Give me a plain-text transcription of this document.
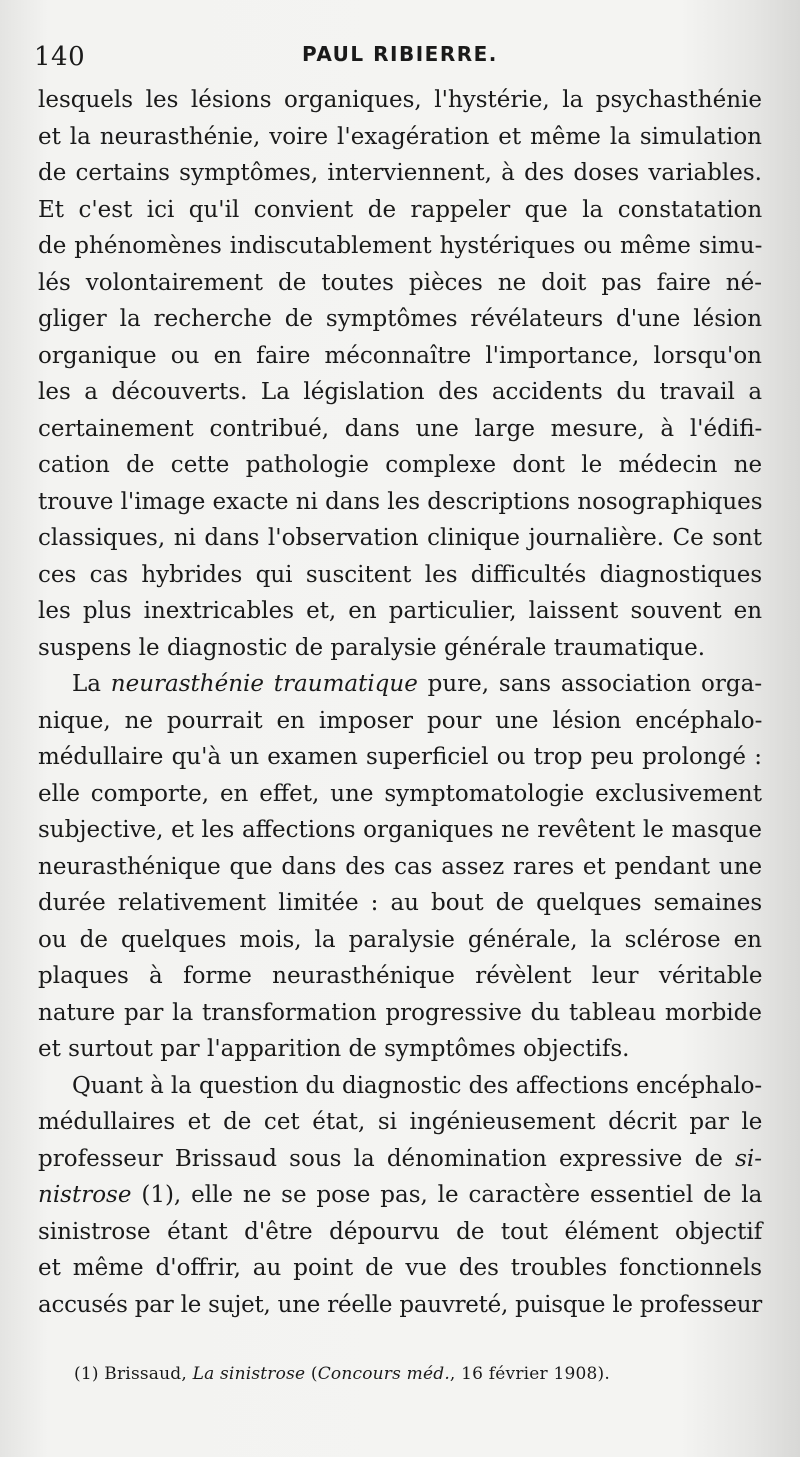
140	PAUL RIBIERRE.
lesquels les lésions organiques, l'hystérie, la psychasthénie
et la neurasthénie, voire l'exagération et même la simulation
de certains symptômes, interviennent, à des doses variables.
Et c'est ici qu'il convient de rappeler que la constatation
de phénomènes indiscutablement hystériques ou même simu-
lés volontairement de toutes pièces ne doit pas faire né-
gliger la recherche de symptômes révélateurs d'une lésion
organique ou en faire méconnaître l'importance, lorsqu'on
les a découverts. La législation des accidents du travail a
certainement contribué, dans une large mesure, à l'édifi-
cation de cette pathologie complexe dont le médecin ne
trouve l'image exacte ni dans les descriptions nosographiques
classiques, ni dans l'observation clinique journalière. Ce sont
ces cas hybrides qui suscitent les difficultés diagnostiques
les plus inextricables et, en particulier, laissent souvent en
suspens le diagnostic de paralysie générale traumatique.
La neurasthénie traumatique pure, sans association orga-
nique, ne pourrait en imposer pour une lésion encéphalo-
médullaire qu'à un examen superficiel ou trop peu prolongé :
elle comporte, en effet, une symptomatologie exclusivement
subjective, et les affections organiques ne revêtent le masque
neurasthénique que dans des cas assez rares et pendant une
durée relativement limitée : au bout de quelques semaines
ou de quelques mois, la paralysie générale, la sclérose en
plaques à forme neurasthénique révèlent leur véritable
nature par la transformation progressive du tableau morbide
et surtout par l'apparition de symptômes objectifs.
Quant à la question du diagnostic des affections encéphalo-
médullaires et de cet état, si ingénieusement décrit par le
professeur Brissaud sous la dénomination expressive de si-
nistrose (1), elle ne se pose pas, le caractère essentiel de la
sinistrose étant d'être dépourvu de tout élément objectif
et même d'offrir, au point de vue des troubles fonctionnels
accusés par le sujet, une réelle pauvreté, puisque le professeur
(1) Brissaud, La sinistrose (Concours méd., 16 février 1908).
